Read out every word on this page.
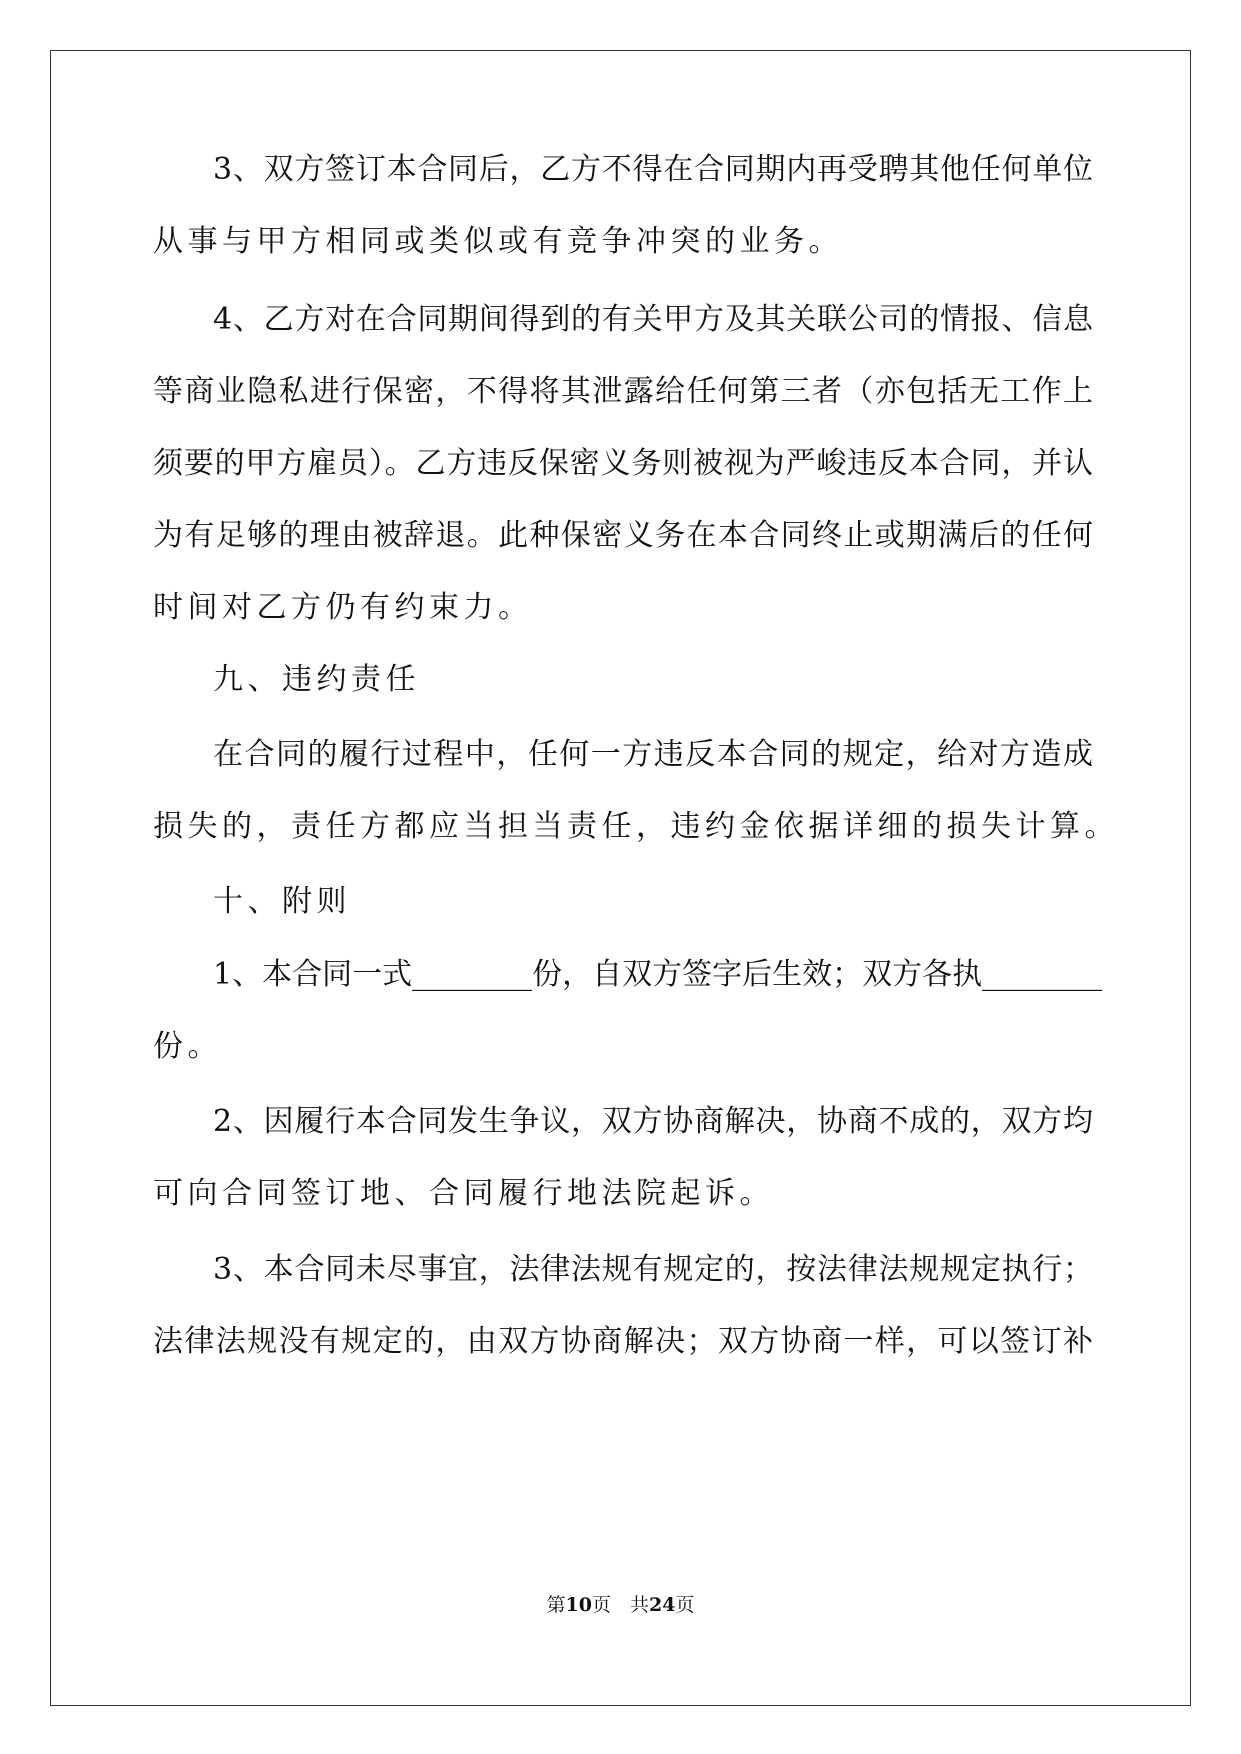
3、双方签订本合同后，乙方不得在合同期内再受聘其他任何单位
从事与甲方相同或类似或有竞争冲突的业务。
4、乙方对在合同期间得到的有关甲方及其关联公司的情报、信息
等商业隐私进行保密，不得将其泄露给任何第三者（亦包括无工作上
须要的甲方雇员）。乙方违反保密义务则被视为严峻违反本合同，并认
为有足够的理由被辞退。此种保密义务在本合同终止或期满后的任何
时间对乙方仍有约束力。
九、违约责任
在合同的履行过程中，任何一方违反本合同的规定，给对方造成
损失的，责任方都应当担当责任，违约金依据详细的损失计算。
十、附则
1、本合同一式________份，自双方签字后生效；双方各执________
份。
2、因履行本合同发生争议，双方协商解决，协商不成的，双方均
可向合同签订地、合同履行地法院起诉。
3、本合同未尽事宜，法律法规有规定的，按法律法规规定执行；
法律法规没有规定的，由双方协商解决；双方协商一样，可以签订补
第10页　共24页
